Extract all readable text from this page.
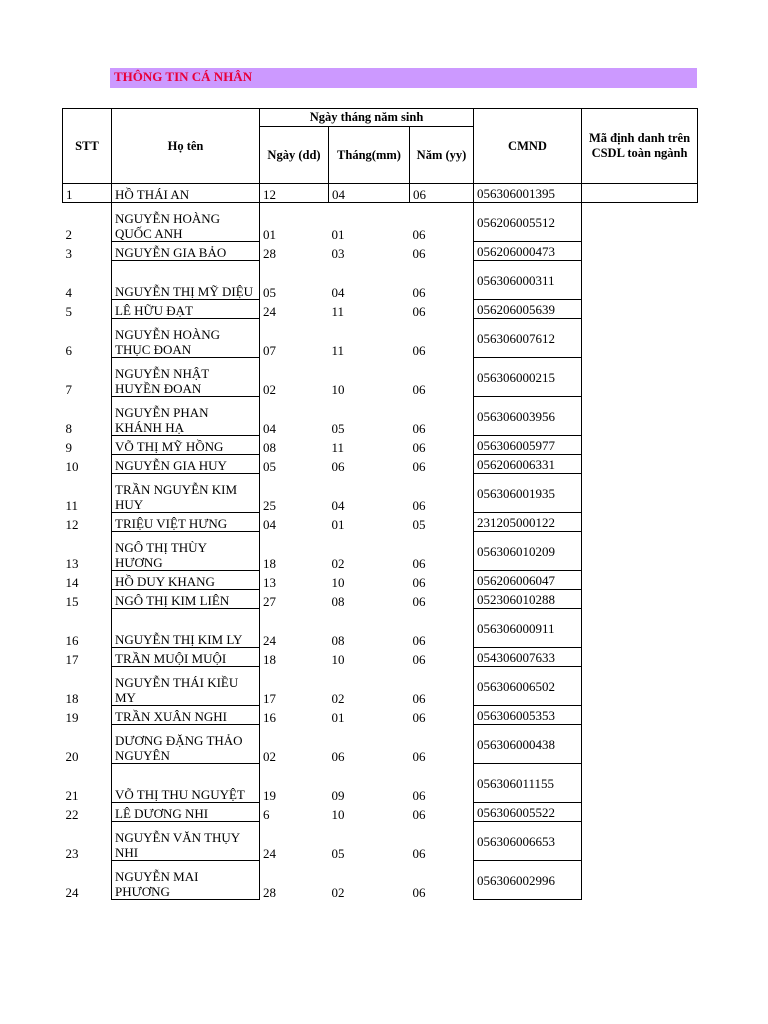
THÔNG TIN CÁ NHÂN
STT	Họ tên	Ngày tháng năm sinh			CMND	Mã định danh trên CSDL toàn ngành
		Ngày (dd)	Tháng(mm)	Năm (yy)		
1	HỒ THÁI AN	12	04	06	056306001395	
2	NGUYỄN HOÀNG QUỐC ANH	01	01	06	056206005512	
3	NGUYỄN GIA BẢO	28	03	06	056206000473	
4	NGUYỄN THỊ MỸ DIỆU	05	04	06	056306000311	
5	LÊ HỮU ĐẠT	24	11	06	056206005639	
6	NGUYỄN HOÀNG THỤC ĐOAN	07	11	06	056306007612	
7	NGUYỄN NHẬT HUYỀN ĐOAN	02	10	06	056306000215	
8	NGUYỄN PHAN KHÁNH HẠ	04	05	06	056306003956	
9	VÕ THỊ MỸ HỒNG	08	11	06	056306005977	
10	NGUYỄN GIA HUY	05	06	06	056206006331	
11	TRẦN NGUYỄN KIM HUY	25	04	06	056306001935	
12	TRIỆU VIỆT HƯNG	04	01	05	231205000122	
13	NGÔ THỊ THÙY HƯƠNG	18	02	06	056306010209	
14	HỒ DUY KHANG	13	10	06	056206006047	
15	NGÔ THỊ KIM LIÊN	27	08	06	052306010288	
16	NGUYỄN THỊ KIM LY	24	08	06	056306000911	
17	TRẦN MUỘI MUỘI	18	10	06	054306007633	
18	NGUYỄN THÁI KIỀU MY	17	02	06	056306006502	
19	TRẦN XUÂN NGHI	16	01	06	056306005353	
20	DƯƠNG ĐẶNG THẢO NGUYÊN	02	06	06	056306000438	
21	VÕ THỊ THU NGUYỆT	19	09	06	056306011155	
22	LÊ DƯƠNG NHI	6	10	06	056306005522	
23	NGUYỄN VĂN THỤY NHI	24	05	06	056306006653	
24	NGUYỄN MAI PHƯƠNG	28	02	06	056306002996	
